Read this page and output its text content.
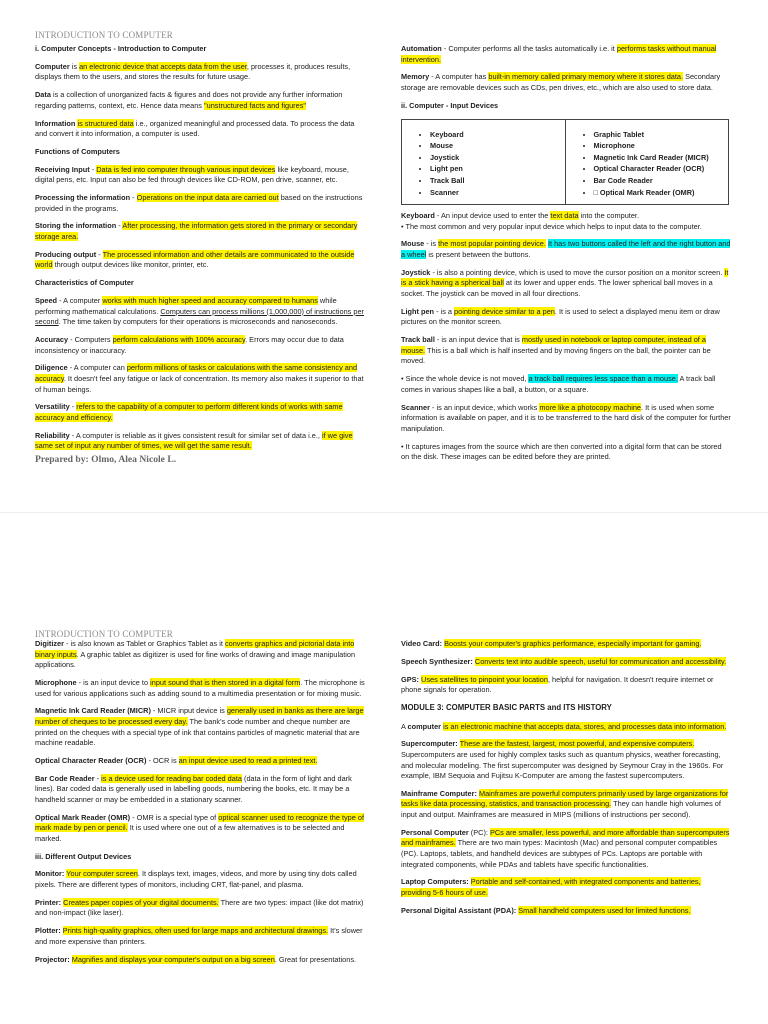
INTRODUCTION TO COMPUTER

i. Computer Concepts - Introduction to Computer

Computer is an electronic device that accepts data from the user, processes it, produces results, displays them to the users, and stores the results for future usage.

Data is a collection of unorganized facts & figures and does not provide any further information regarding patterns, context, etc. Hence data means "unstructured facts and figures"

Information is structured data i.e., organized meaningful and processed data. To process the data and convert it into information, a computer is used.

Functions of Computers

Receiving Input - Data is fed into computer through various input devices like keyboard, mouse, digital pens, etc. Input can also be fed through devices like CD-ROM, pen drive, scanner, etc.

Processing the information - Operations on the input data are carried out based on the instructions provided in the programs.

Storing the information - After processing, the information gets stored in the primary or secondary storage area.

Producing output - The processed information and other details are communicated to the outside world through output devices like monitor, printer, etc.

Characteristics of Computer

Speed - A computer works with much higher speed and accuracy compared to humans while performing mathematical calculations. Computers can process millions (1,000,000) of instructions per second. The time taken by computers for their operations is microseconds and nanoseconds.

Accuracy - Computers perform calculations with 100% accuracy. Errors may occur due to data inconsistency or inaccuracy.

Diligence - A computer can perform millions of tasks or calculations with the same consistency and accuracy. It doesn't feel any fatigue or lack of concentration. Its memory also makes it superior to that of human beings.

Versatility - refers to the capability of a computer to perform different kinds of works with same accuracy and efficiency.

Reliability - A computer is reliable as it gives consistent result for similar set of data i.e., if we give same set of input any number of times, we will get the same result.

Prepared by: Olmo, Alea Nicole L.

Automation - Computer performs all the tasks automatically i.e. it performs tasks without manual intervention.

Memory - A computer has built-in memory called primary memory where it stores data. Secondary storage are removable devices such as CDs, pen drives, etc., which are also used to store data.

ii. Computer - Input Devices

• Keyboard
• Mouse
• Joystick
• Light pen
• Track Ball
• Scanner

• Graphic Tablet
• Microphone
• Magnetic Ink Card Reader (MICR)
• Optical Character Reader (OCR)
• Bar Code Reader
• □ Optical Mark Reader (OMR)

Keyboard - An input device used to enter the text data into the computer.

• The most common and very popular input device which helps to input data to the computer.

Mouse - is the most popular pointing device. It has two buttons called the left and the right button and a wheel is present between the buttons.

Joystick - is also a pointing device, which is used to move the cursor position on a monitor screen. It is a stick having a spherical ball at its lower and upper ends. The lower spherical ball moves in a socket. The joystick can be moved in all four directions.

Light pen - is a pointing device similar to a pen. It is used to select a displayed menu item or draw pictures on the monitor screen.

Track ball - is an input device that is mostly used in notebook or laptop computer, instead of a mouse. This is a ball which is half inserted and by moving fingers on the ball, the pointer can be moved.

• Since the whole device is not moved, a track ball requires less space than a mouse. A track ball comes in various shapes like a ball, a button, or a square.

Scanner - is an input device, which works more like a photocopy machine. It is used when some information is available on paper, and it is to be transferred to the hard disk of the computer for further manipulation.

• It captures images from the source which are then converted into a digital form that can be stored on the disk. These images can be edited before they are printed.

INTRODUCTION TO COMPUTER

Digitizer - is also known as Tablet or Graphics Tablet as it converts graphics and pictorial data into binary inputs. A graphic tablet as digitizer is used for fine works of drawing and image manipulation applications.

Microphone - is an input device to input sound that is then stored in a digital form. The microphone is used for various applications such as adding sound to a multimedia presentation or for mixing music.

Magnetic Ink Card Reader (MICR) - MICR input device is generally used in banks as there are large number of cheques to be processed every day. The bank's code number and cheque number are printed on the cheques with a special type of ink that contains particles of magnetic material that are machine readable.

Optical Character Reader (OCR) - OCR is an input device used to read a printed text.

Bar Code Reader - is a device used for reading bar coded data (data in the form of light and dark lines). Bar coded data is generally used in labelling goods, numbering the books, etc. It may be a handheld scanner or may be embedded in a stationary scanner.

Optical Mark Reader (OMR) - OMR is a special type of optical scanner used to recognize the type of mark made by pen or pencil. It is used where one out of a few alternatives is to be selected and marked.

iii. Different Output Devices

Monitor: Your computer screen. It displays text, images, videos, and more by using tiny dots called pixels. There are different types of monitors, including CRT, flat-panel, and plasma.

Printer: Creates paper copies of your digital documents. There are two types: impact (like dot matrix) and non-impact (like laser).

Plotter: Prints high-quality graphics, often used for large maps and architectural drawings. It's slower and more expensive than printers.

Projector: Magnifies and displays your computer's output on a big screen. Great for presentations.

Video Card: Boosts your computer's graphics performance, especially important for gaming.

Speech Synthesizer: Converts text into audible speech, useful for communication and accessibility.

GPS: Uses satellites to pinpoint your location, helpful for navigation. It doesn't require internet or phone signals for operation.

MODULE 3: COMPUTER BASIC PARTS and ITS HISTORY

A computer is an electronic machine that accepts data, stores, and processes data into information.

Supercomputer: These are the fastest, largest, most powerful, and expensive computers. Supercomputers are used for highly complex tasks such as quantum physics, weather forecasting, and molecular modeling. The first supercomputer was designed by Seymour Cray in the 1960s. For example, IBM Sequoia and Fujitsu K-Computer are among the fastest supercomputers.

Mainframe Computer: Mainframes are powerful computers primarily used by large organizations for tasks like data processing, statistics, and transaction processing. They can handle high volumes of input and output. Mainframes are measured in MIPS (millions of instructions per second).

Personal Computer (PC): PCs are smaller, less powerful, and more affordable than supercomputers and mainframes. There are two main types: Macintosh (Mac) and personal computer compatibles (PC). Laptops, tablets, and handheld devices are subtypes of PCs. Laptops are portable with integrated components, while PDAs and tablets have specific functionalities.

Laptop Computers: Portable and self-contained, with integrated components and batteries, providing 5-6 hours of use.

Personal Digital Assistant (PDA): Small handheld computers used for limited functions.
